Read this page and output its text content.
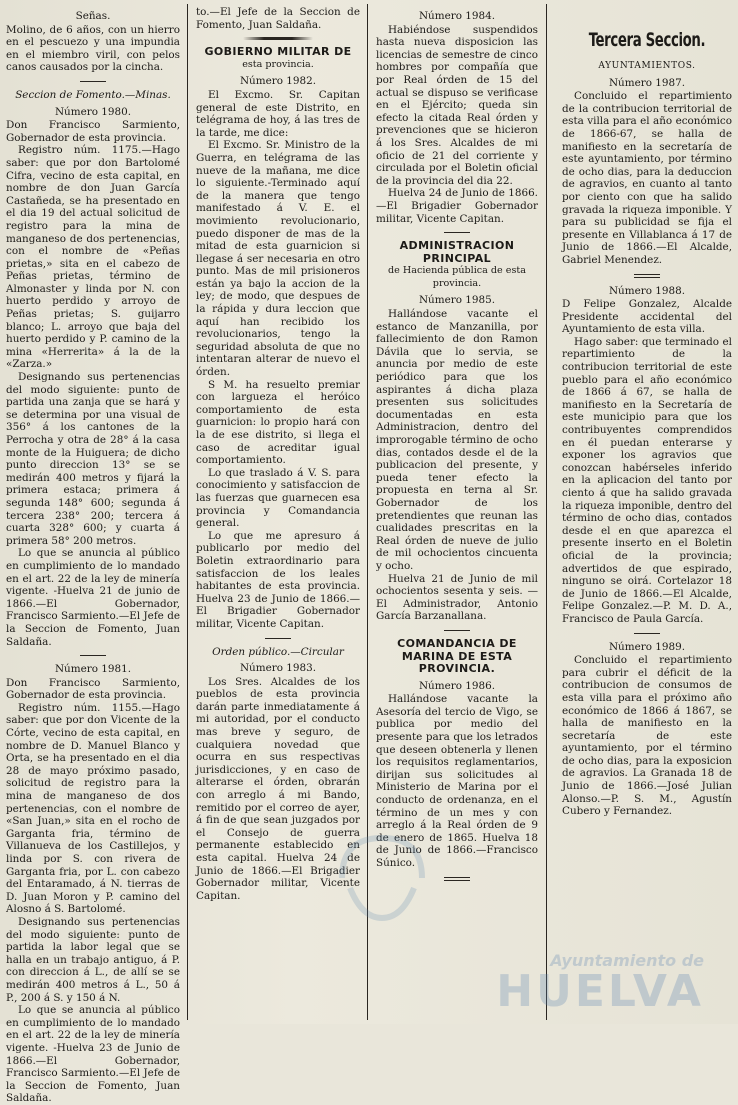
Señas.

Molino, de 6 años, con un hierro en el pescuezo y una impundia en el miembro viril, con pelos canos causados por la cincha.

Seccion de Fomento.—Minas.

Número 1980.

Don Francisco Sarmiento, Gobernador de esta provincia.

Registro núm. 1175.—Hago saber: que por don Bartolomé Cifra, vecino de esta capital, en nombre de don Juan García Castañeda, se ha presentado en el dia 19 del actual solicitud de registro para la mina de manganeso de dos pertenencias, con el nombre de «Peñas prietas,» sita en el cabezo de Peñas prietas, término de Almonaster y linda por N. con huerto perdido y arroyo de Peñas prietas; S. guijarro blanco; L. arroyo que baja del huerto perdido y P. camino de la mina «Herrerita» á la de la «Zarza.»

Designando sus pertenencias del modo siguiente: punto de partida una zanja que se hará y se determina por una visual de 356° á los cantones de la Perrocha y otra de 28° á la casa monte de la Huiguera; de dicho punto direccion 13° se se medirán 400 metros y fijará la primera estaca; primera á segunda 148° 600; segunda á tercera 238° 200; tercera á cuarta 328° 600; y cuarta á primera 58° 200 metros.

Lo que se anuncia al público en cumplimiento de lo mandado en el art. 22 de la ley de minería vigente. -Huelva 21 de junio de 1866.—El Gobernador, Francisco Sarmiento.—El Jefe de la Seccion de Fomento, Juan Saldaña.

Número 1981.

Don Francisco Sarmiento, Gobernador de esta provincia.

Registro núm. 1155.—Hago saber: que por don Vicente de la Córte, vecino de esta capital, en nombre de D. Manuel Blanco y Orta, se ha presentado en el dia 28 de mayo próximo pasado, solicitud de registro para la mina de manganeso de dos pertenencias, con el nombre de «San Juan,» sita en el rocho de Garganta fria, término de Villanueva de los Castillejos, y linda por S. con rivera de Garganta fria, por L. con cabezo del Entaramado, á N. tierras de D. Juan Moron y P. camino del Alosno á S. Bartolomé.

Designando sus pertenencias del modo siguiente: punto de partida la labor legal que se halla en un trabajo antiguo, á P. con direccion á L., de allí se se medirán 400 metros á L., 50 á P., 200 á S. y 150 á N.

Lo que se anuncia al público en cumplimiento de lo mandado en el art. 22 de la ley de minería vigente. -Huelva 23 de Junio de 1866.—El Gobernador, Francisco Sarmiento.—El Jefe de la Seccion de Fomento, Juan Saldaña.

to.—El Jefe de la Seccion de Fomento, Juan Saldaña.

GOBIERNO MILITAR DE

esta provincia.

Número 1982.

El Excmo. Sr. Capitan general de este Distrito, en telégrama de hoy, á las tres de la tarde, me dice:

El Excmo. Sr. Ministro de la Guerra, en telégrama de las nueve de la mañana, me dice lo siguiente.-Terminado aquí de la manera que tengo manifestado á V. E. el movimiento revolucionario, puedo disponer de mas de la mitad de esta guarnicion si llegase á ser necesaria en otro punto. Mas de mil prisioneros están ya bajo la accion de la ley; de modo, que despues de la rápida y dura leccion que aquí han recibido los revolucionarios, tengo la seguridad absoluta de que no intentaran alterar de nuevo el órden.

S M. ha resuelto premiar con largueza el heróico comportamiento de esta guarnicion: lo propio hará con la de ese distrito, si llega el caso de acreditar igual comportamiento.

Lo que traslado á V. S. para conocimiento y satisfaccion de las fuerzas que guarnecen esa provincia y Comandancia general.

Lo que me apresuro á publicarlo por medio del Boletin extraordinario para satisfaccion de los leales habitantes de esta provincia. Huelva 23 de Junio de 1866.—El Brigadier Gobernador militar, Vicente Capitan.

Orden público.—Circular

Número 1983.

Los Sres. Alcaldes de los pueblos de esta provincia darán parte inmediatamente á mi autoridad, por el conducto mas breve y seguro, de cualquiera novedad que ocurra en sus respectivas jurisdicciones, y en caso de alterarse el órden, obrarán con arreglo á mi Bando, remitido por el correo de ayer, á fin de que sean juzgados por el Consejo de guerra permanente establecido en esta capital. Huelva 24 de Junio de 1866.—El Brigadier Gobernador militar, Vicente Capitan.

Número 1984.

Habiéndose suspendidos hasta nueva disposicion las licencias de semestre de cinco hombres por compañía que por Real órden de 15 del actual se dispuso se verificase en el Ejército; queda sin efecto la citada Real órden y prevenciones que se hicieron á los Sres. Alcaldes de mi oficio de 21 del corriente y circulada por el Boletin oficial de la provincia del dia 22.

Huelva 24 de Junio de 1866.—El Brigadier Gobernador militar, Vicente Capitan.

ADMINISTRACION PRINCIPAL

de Hacienda pública de esta provincia.

Número 1985.

Hallándose vacante el estanco de Manzanilla, por fallecimiento de don Ramon Dávila que lo servia, se anuncia por medio de este periódico para que los aspirantes á dicha plaza presenten sus solicitudes documentadas en esta Administracion, dentro del improrogable término de ocho dias, contados desde el de la publicacion del presente, y pueda tener efecto la propuesta en terna al Sr. Gobernador de los pretendientes que reunan las cualidades prescritas en la Real órden de nueve de julio de mil ochocientos cincuenta y ocho.

Huelva 21 de Junio de mil ochocientos sesenta y seis. —El Administrador, Antonio García Barzanallana.

COMANDANCIA DE MARINA DE ESTA PROVINCIA.

Número 1986.

Hallándose vacante la Asesoría del tercio de Vigo, se publica por medio del presente para que los letrados que deseen obtenerla y llenen los requisitos reglamentarios, dirijan sus solicitudes al Ministerio de Marina por el conducto de ordenanza, en el término de un mes y con arreglo á la Real órden de 9 de enero de 1865. Huelva 18 de Junio de 1866.—Francisco Súnico.

Tercera Seccion.

AYUNTAMIENTOS.

Número 1987.

Concluido el repartimiento de la contribucion territorial de esta villa para el año económico de 1866-67, se halla de manifiesto en la secretaría de este ayuntamiento, por término de ocho dias, para la deduccion de agravios, en cuanto al tanto por ciento con que ha salido gravada la riqueza imponible. Y para su publicidad se fija el presente en Villablanca á 17 de Junio de 1866.—El Alcalde, Gabriel Menendez.

Número 1988.

D Felipe Gonzalez, Alcalde Presidente accidental del Ayuntamiento de esta villa.

Hago saber: que terminado el repartimiento de la contribucion territorial de este pueblo para el año económico de 1866 á 67, se halla de manifiesto en la Secretaría de este municipio para que los contribuyentes comprendidos en él puedan enterarse y exponer los agravios que conozcan habérseles inferido en la aplicacion del tanto por ciento á que ha salido gravada la riqueza imponible, dentro del término de ocho dias, contados desde el en que aparezca el presente inserto en el Boletin oficial de la provincia; advertidos de que espirado, ninguno se oirá. Cortelazor 18 de Junio de 1866.—El Alcalde, Felipe Gonzalez.—P. M. D. A., Francisco de Paula García.

Número 1989.

Concluido el repartimiento para cubrir el déficit de la contribucion de consumos de esta villa para el próximo año económico de 1866 á 1867, se halla de manifiesto en la secretaría de este ayuntamiento, por el término de ocho dias, para la exposicion de agravios. La Granada 18 de Junio de 1866.—José Julian Alonso.—P. S. M., Agustín Cubero y Fernandez.

Ayuntamiento de
HUELVA
